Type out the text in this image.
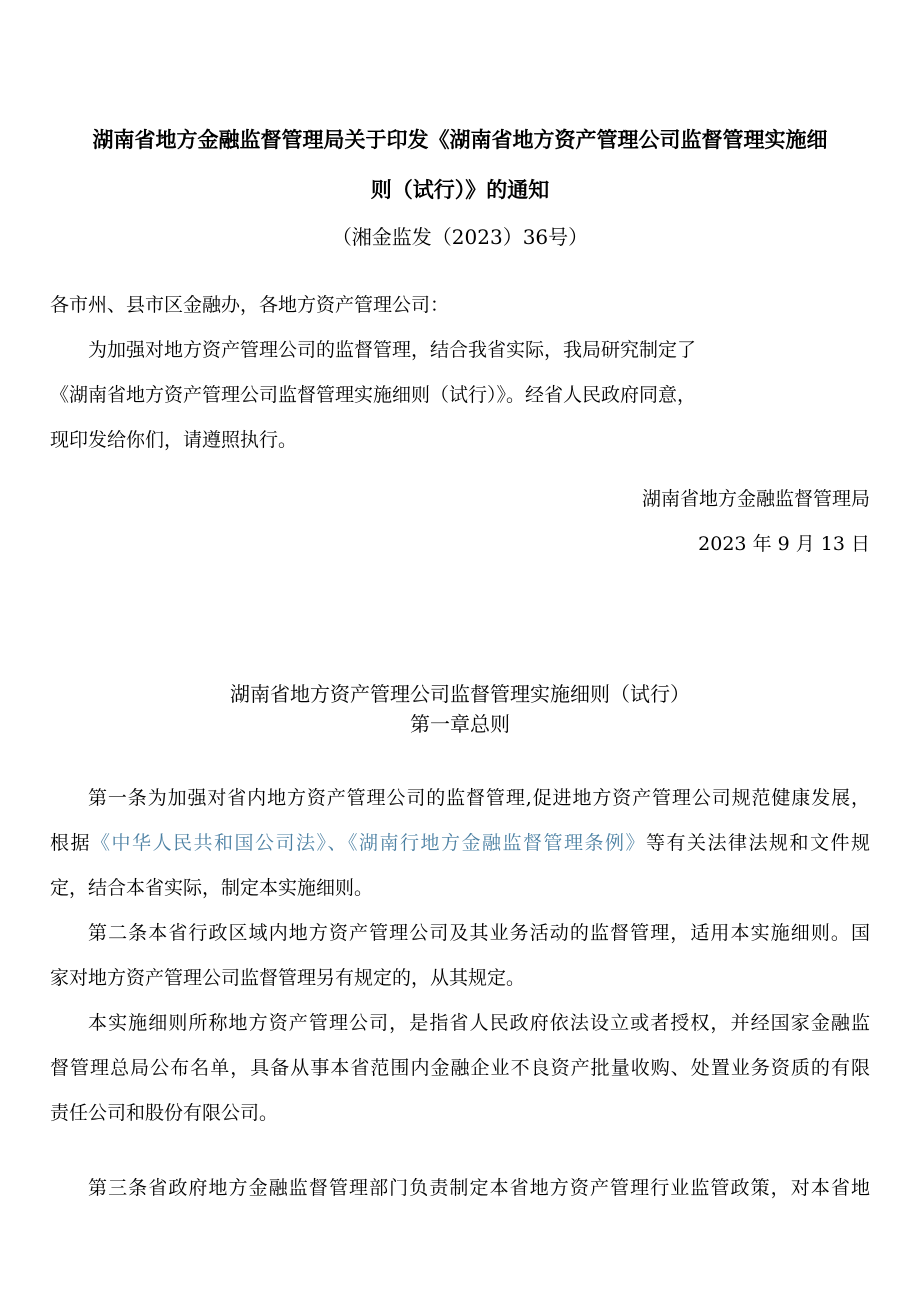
湖南省地方金融监督管理局关于印发《湖南省地方资产管理公司监督管理实施细
则（试行）》的通知
（湘金监发（2023）36号）
各市州、县市区金融办，各地方资产管理公司：
为加强对地方资产管理公司的监督管理，结合我省实际，我局研究制定了
《湖南省地方资产管理公司监督管理实施细则（试行）》。经省人民政府同意，
现印发给你们，请遵照执行。
湖南省地方金融监督管理局
2023 年 9 月 13 日
湖南省地方资产管理公司监督管理实施细则（试行）
第一章总则
第一条为加强对省内地方资产管理公司的监督管理,促进地方资产管理公司规范健康发展，
根据《中华人民共和国公司法》、《湖南行地方金融监督管理条例》等有关法律法规和文件规
定，结合本省实际，制定本实施细则。
第二条本省行政区域内地方资产管理公司及其业务活动的监督管理，适用本实施细则。国
家对地方资产管理公司监督管理另有规定的，从其规定。
本实施细则所称地方资产管理公司，是指省人民政府依法设立或者授权，并经国家金融监
督管理总局公布名单，具备从事本省范围内金融企业不良资产批量收购、处置业务资质的有限
责任公司和股份有限公司。
第三条省政府地方金融监督管理部门负责制定本省地方资产管理行业监管政策，对本省地
